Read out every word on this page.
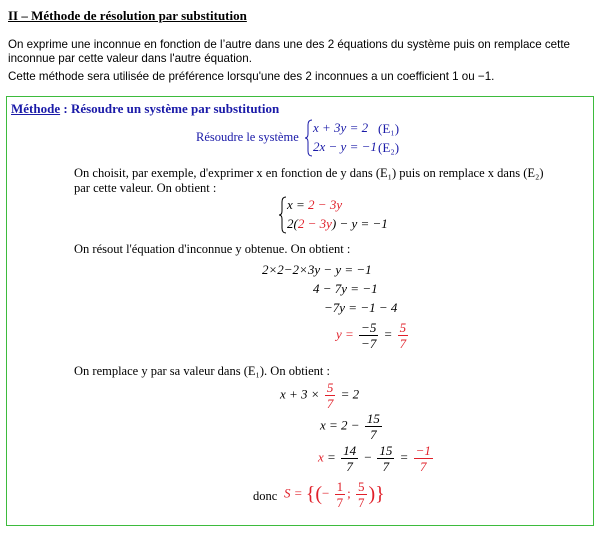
II – Méthode de résolution par substitution
On exprime une inconnue en fonction de l’autre dans une des 2 équations du système puis on remplace cette
inconnue par cette valeur dans l'autre équation.
Cette méthode sera utilisée de préférence lorsqu'une des 2 inconnues a un coefficient 1 ou −1.
Méthode : Résoudre un système par substitution
Résoudre le système
x + 3y = 2 (E₁)
2x − y = −1 (E₂)
On choisit, par exemple, d'exprimer x en fonction de y dans (E₁) puis on remplace x dans (E₂)
par cette valeur. On obtient :
x = 2 − 3y
2(2 − 3y) − y = −1
On résout l'équation d'inconnue y obtenue. On obtient :
2×2−2×3y − y = −1
4 − 7y = −1
−7y = −1 − 4
$y = \frac{-5}{-7} = \frac{5}{7}$
On remplace y par sa valeur dans (E₁). On obtient :
$x + 3 \times \frac{5}{7} = 2$
$x = 2 - \frac{15}{7}$
$x = \frac{14}{7} - \frac{15}{7} = \frac{-1}{7}$
donc S = {(− $\frac{1}{7}$ ; $\frac{5}{7}$ )}
